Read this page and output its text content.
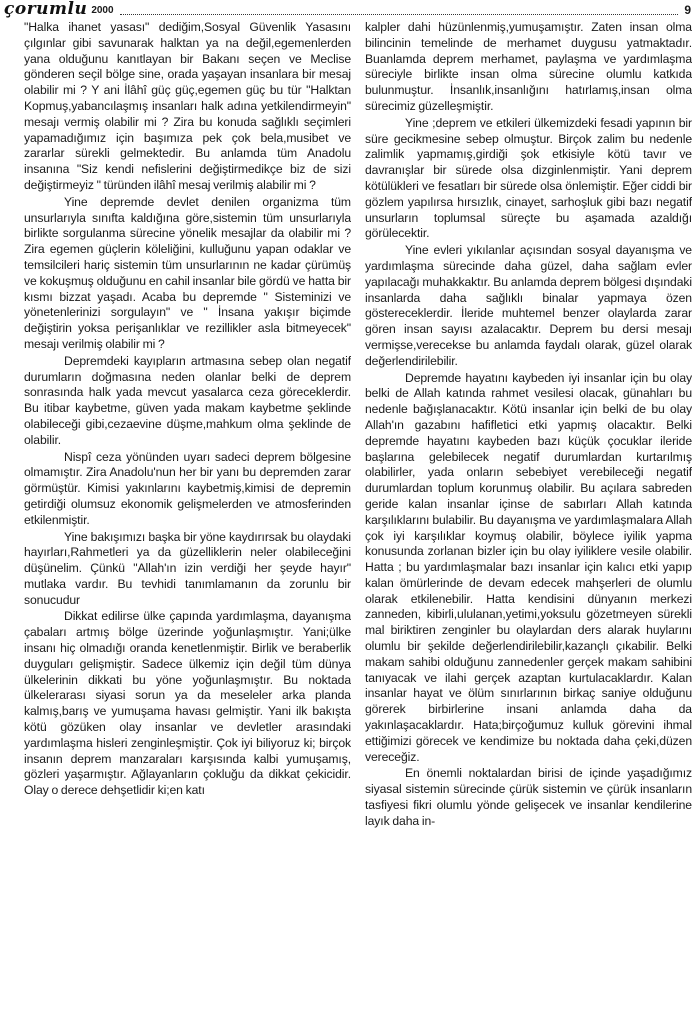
çorumlu 2000	9

"Halka ihanet yasası" dediğim,Sosyal Güvenlik Yasasını çılgınlar gibi savunarak halktan ya na değil,egemenlerden yana olduğunu kanıtlayan bir Bakanı seçen ve Meclise gönderen seçil bölge sine, orada yaşayan insanlara bir mesaj olabilir mi ? Y ani İlâhî güç güç,egemen güç bu tür "Halktan Kopmuş,yabancılaşmış insanları halk adına yetkilendirmeyin" mesajı vermiş olabilir mi ? Zira bu konuda sağlıklı seçimleri yapamadığımız için başımıza pek çok bela,musibet ve zararlar sürekli gelmektedir. Bu anlamda tüm Anadolu insanına "Siz kendi nefislerini değiştirmedikçe biz de sizi değiştirmeyiz " türünden ilâhî mesaj verilmiş alabilir mi ?

Yine depremde devlet denilen organizma tüm unsurlarıyla sınıfta kaldığına göre,sistemin tüm unsurlarıyla birlikte sorgulanma sürecine yönelik mesajlar da olabilir mi ? Zira egemen güçlerin köleliğini, kulluğunu yapan odaklar ve temsilcileri hariç sistemin tüm unsurlarının ne kadar çürümüş ve kokuşmuş olduğunu en cahil insanlar bile gördü ve hatta bir kısmı bizzat yaşadı. Acaba bu depremde " Sisteminizi ve yönetenlerinizi sorgulayın" ve " İnsana yakışır biçimde değiştirin yoksa perişanlıklar ve rezillikler asla bitmeyecek" mesajı verilmiş olabilir mi ?

Depremdeki kayıpların artmasına sebep olan negatif durumların doğmasına neden olanlar belki de deprem sonrasında halk yada mevcut yasalarca ceza göreceklerdir. Bu itibar kaybetme, güven yada makam kaybetme şeklinde olabileceği gibi,cezaevine düşme,mahkum olma şeklinde de olabilir.

Nispî ceza yönünden uyarı sadeci deprem bölgesine olmamıştır. Zira Anadolu'nun her bir yanı bu depremden zarar görmüştür. Kimisi yakınlarını kaybetmiş,kimisi de depremin getirdiği olumsuz ekonomik gelişmelerden ve atmosferinden etkilenmiştir.

Yine bakışımızı başka bir yöne kaydırırsak bu olaydaki hayırları,Rahmetleri ya da güzelliklerin neler olabileceğini düşünelim. Çünkü "Allah'ın izin verdiği her şeyde hayır" mutlaka vardır. Bu tevhidi tanımlamanın da zorunlu bir sonucudur

Dikkat edilirse ülke çapında yardımlaşma, dayanışma çabaları artmış bölge üzerinde yoğunlaşmıştır. Yani;ülke insanı hiç olmadığı oranda kenetlenmiştir. Birlik ve beraberlik duyguları gelişmiştir. Sadece ülkemiz için değil tüm dünya ülkelerinin dikkati bu yöne yoğunlaşmıştır. Bu noktada ülkelerarası siyasi sorun ya da meseleler arka planda kalmış,barış ve yumuşama havası gelmiştir. Yani ilk bakışta kötü gözüken olay insanlar ve devletler arasındaki yardımlaşma hisleri zenginleşmiştir. Çok iyi biliyoruz ki; birçok insanın deprem manzaraları karşısında kalbi yumuşamış, gözleri yaşarmıştır. Ağlayanların çokluğu da dikkat çekicidir. Olay o derece dehşetlidir ki;en katı

kalpler dahi hüzünlenmiş,yumuşamıştır. Zaten insan olma bilincinin temelinde de merhamet duygusu yatmaktadır. Buanlamda deprem merhamet, paylaşma ve yardımlaşma süreciyle birlikte insan olma sürecine olumlu katkıda bulunmuştur. İnsanlık,insanlığını hatırlamış,insan olma sürecimiz güzelleşmiştir.

Yine ;deprem ve etkileri ülkemizdeki fesadi yapının bir süre gecikmesine sebep olmuştur. Birçok zalim bu nedenle zalimlik yapmamış,girdiği şok etkisiyle kötü tavır ve davranışlar bir sürede olsa dizginlenmiştir. Yani deprem kötülükleri ve fesatları bir sürede olsa önlemiştir. Eğer ciddi bir gözlem yapılırsa hırsızlık, cinayet, sarhoşluk gibi bazı negatif unsurların toplumsal süreçte bu aşamada azaldığı görülecektir.

Yine evleri yıkılanlar açısından sosyal dayanışma ve yardımlaşma sürecinde daha güzel, daha sağlam evler yapılacağı muhakkaktır. Bu anlamda deprem bölgesi dışındaki insanlarda daha sağlıklı binalar yapmaya özen göstereceklerdir. İleride muhtemel benzer olaylarda zarar gören insan sayısı azalacaktır. Deprem bu dersi mesajı vermişse,verecekse bu anlamda faydalı olarak, güzel olarak değerlendirilebilir.

Depremde hayatını kaybeden iyi insanlar için bu olay belki de Allah katında rahmet vesilesi olacak, günahları bu nedenle bağışlanacaktır. Kötü insanlar için belki de bu olay Allah'ın gazabını hafifletici etki yapmış olacaktır. Belki depremde hayatını kaybeden bazı küçük çocuklar ileride başlarına gelebilecek negatif durumlardan kurtarılmış olabilirler, yada onların sebebiyet verebileceği negatif durumlardan toplum korunmuş olabilir. Bu açılara sabreden geride kalan insanlar içinse de sabırları Allah katında karşılıklarını bulabilir. Bu dayanışma ve yardımlaşmalara Allah çok iyi karşılıklar koymuş olabilir, böylece iyilik yapma konusunda zorlanan bizler için bu olay iyiliklere vesile olabilir. Hatta ; bu yardımlaşmalar bazı insanlar için kalıcı etki yapıp kalan ömürlerinde de devam edecek mahşerleri de olumlu olarak etkilenebilir. Hatta kendisini dünyanın merkezi zanneden, kibirli,ululanan,yetimi,yoksulu gözetmeyen sürekli mal biriktiren zenginler bu olaylardan ders alarak huylarını olumlu bir şekilde değerlendirilebilir,kazançlı çıkabilir. Belki makam sahibi olduğunu zannedenler gerçek makam sahibini tanıyacak ve ilahi gerçek azaptan kurtulacaklardır. Kalan insanlar hayat ve ölüm sınırlarının birkaç saniye olduğunu görerek birbirlerine insani anlamda daha da yakınlaşacaklardır. Hata;birçoğumuz kulluk görevini ihmal ettiğimizi görecek ve kendimize bu noktada daha çeki,düzen vereceğiz.

En önemli noktalardan birisi de içinde yaşadığımız siyasal sistemin sürecinde çürük sistemin ve çürük insanların tasfiyesi fikri olumlu yönde gelişecek ve insanlar kendilerine layık daha in-
